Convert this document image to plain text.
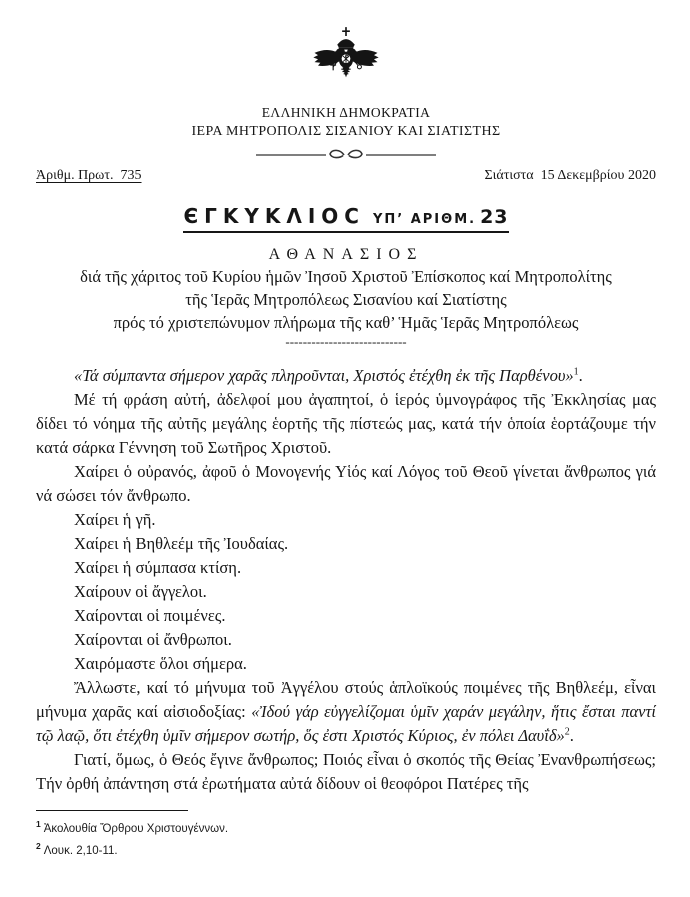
ΕΛΛΗΝΙΚΗ ΔΗΜΟΚΡΑΤΙΑ
ΙΕΡΑ ΜΗΤΡΟΠΟΛΙΣ ΣΙΣΑΝΙΟΥ ΚΑΙ ΣΙΑΤΙΣΤΗΣ
Ἀριθμ. Πρωτ.  735	Σιάτιστα  15 Δεκεμβρίου 2020
ЄΓΚΥΚΛΙΟϹ ΥΠ’ ΑΡΙΘΜ. 23
ΑΘΑΝΑΣΙΟΣ
διά τῆς χάριτος τοῦ Κυρίου ἡμῶν Ἰησοῦ Χριστοῦ Ἐπίσκοπος καί Μητροπολίτης
τῆς Ἱερᾶς Μητροπόλεως Σισανίου καί Σιατίστης
πρός τό χριστεπώνυμον πλήρωμα τῆς καθ’ Ἡμᾶς Ἱερᾶς Μητροπόλεως
----------------------------

«Τά σύμπαντα σήμερον χαρᾶς πληροῦνται, Χριστός ἐτέχθη ἐκ τῆς Παρθένου»$^1$.

Μέ τή φράση αὐτή, ἀδελφοί μου ἀγαπητοί, ὁ ἱερός ὑμνογράφος τῆς Ἐκκλησίας μας δίδει τό νόημα τῆς αὐτῆς μεγάλης ἑορτῆς τῆς πίστεώς μας, κατά τήν ὁποία ἑορτάζουμε τήν κατά σάρκα Γέννηση τοῦ Σωτῆρος Χριστοῦ.

Χαίρει ὁ οὐρανός, ἀφοῦ ὁ Μονογενής Υἱός καί Λόγος τοῦ Θεοῦ γίνεται ἄνθρωπος γιά νά σώσει τόν ἄνθρωπο.

Χαίρει ἡ γῆ.

Χαίρει ἡ Βηθλεέμ τῆς Ἰουδαίας.

Χαίρει ἡ σύμπασα κτίση.

Χαίρουν οἱ ἄγγελοι.

Χαίρονται οἱ ποιμένες.

Χαίρονται οἱ ἄνθρωποι.

Χαιρόμαστε ὅλοι σήμερα.

Ἄλλωστε, καί τό μήνυμα τοῦ Ἀγγέλου στούς ἁπλοϊκούς ποιμένες τῆς Βηθλεέμ, εἶναι μήνυμα χαρᾶς καί αἰσιοδοξίας: «Ἰδού γάρ εὐγγελίζομαι ὑμῖν χαράν μεγάλην, ἥτις ἔσται παντί τῷ λαῷ, ὅτι ἐτέχθη ὑμῖν σήμερον σωτήρ, ὅς ἐστι Χριστός Κύριος, ἐν πόλει Δαυΐδ»$^2$.

Γιατί, ὅμως, ὁ Θεός ἔγινε ἄνθρωπος; Ποιός εἶναι ὁ σκοπός τῆς Θείας Ἐνανθρωπήσεως; Τήν ὀρθή ἀπάντηση στά ἐρωτήματα αὐτά δίδουν οἱ θεοφόροι Πατέρες τῆς

$^1$ Ἀκολουθία Ὄρθρου Χριστουγέννων.
$^2$ Λουκ. 2,10-11.
